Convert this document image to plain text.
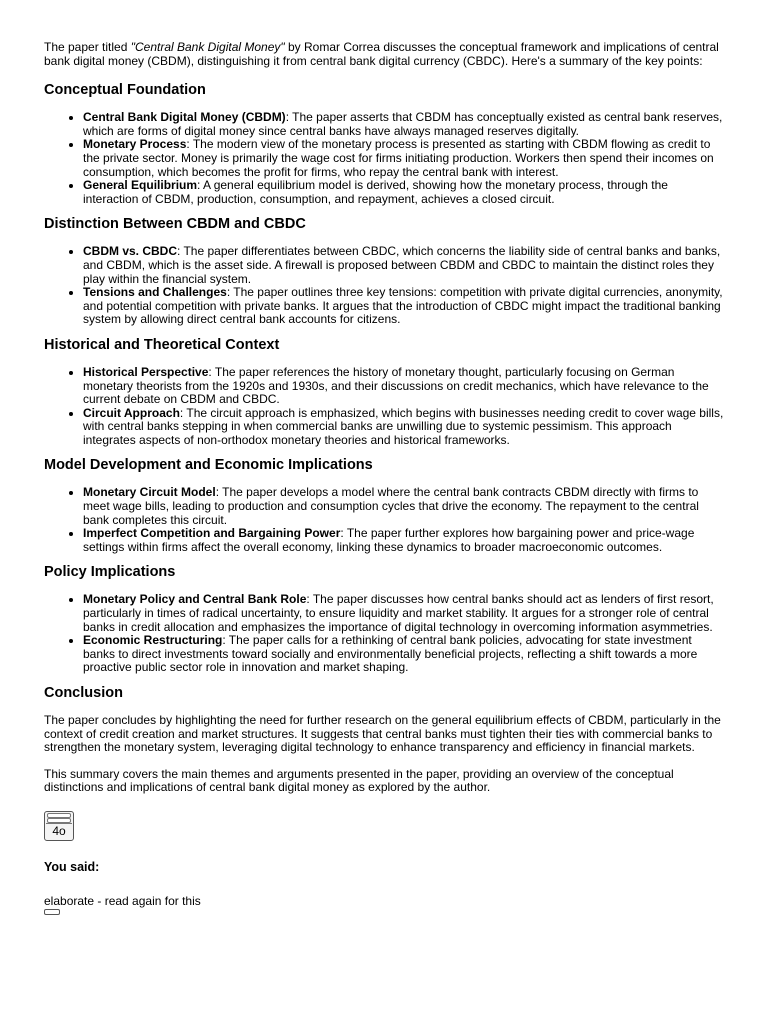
The paper titled "Central Bank Digital Money" by Romar Correa discusses the conceptual framework and implications of central bank digital money (CBDM), distinguishing it from central bank digital currency (CBDC). Here's a summary of the key points:

Conceptual Foundation
• Central Bank Digital Money (CBDM): The paper asserts that CBDM has conceptually existed as central bank reserves, which are forms of digital money since central banks have always managed reserves digitally.
• Monetary Process: The modern view of the monetary process is presented as starting with CBDM flowing as credit to the private sector. Money is primarily the wage cost for firms initiating production. Workers then spend their incomes on consumption, which becomes the profit for firms, who repay the central bank with interest.
• General Equilibrium: A general equilibrium model is derived, showing how the monetary process, through the interaction of CBDM, production, consumption, and repayment, achieves a closed circuit.
Distinction Between CBDM and CBDC
• CBDM vs. CBDC: The paper differentiates between CBDC, which concerns the liability side of central banks and banks, and CBDM, which is the asset side. A firewall is proposed between CBDM and CBDC to maintain the distinct roles they play within the financial system.
• Tensions and Challenges: The paper outlines three key tensions: competition with private digital currencies, anonymity, and potential competition with private banks. It argues that the introduction of CBDC might impact the traditional banking system by allowing direct central bank accounts for citizens.
Historical and Theoretical Context
• Historical Perspective: The paper references the history of monetary thought, particularly focusing on German monetary theorists from the 1920s and 1930s, and their discussions on credit mechanics, which have relevance to the current debate on CBDM and CBDC.
• Circuit Approach: The circuit approach is emphasized, which begins with businesses needing credit to cover wage bills, with central banks stepping in when commercial banks are unwilling due to systemic pessimism. This approach integrates aspects of non-orthodox monetary theories and historical frameworks.
Model Development and Economic Implications
• Monetary Circuit Model: The paper develops a model where the central bank contracts CBDM directly with firms to meet wage bills, leading to production and consumption cycles that drive the economy. The repayment to the central bank completes this circuit.
• Imperfect Competition and Bargaining Power: The paper further explores how bargaining power and price-wage settings within firms affect the overall economy, linking these dynamics to broader macroeconomic outcomes.
Policy Implications
• Monetary Policy and Central Bank Role: The paper discusses how central banks should act as lenders of first resort, particularly in times of radical uncertainty, to ensure liquidity and market stability. It argues for a stronger role of central banks in credit allocation and emphasizes the importance of digital technology in overcoming information asymmetries.
• Economic Restructuring: The paper calls for a rethinking of central bank policies, advocating for state investment banks to direct investments toward socially and environmentally beneficial projects, reflecting a shift towards a more proactive public sector role in innovation and market shaping.
Conclusion

The paper concludes by highlighting the need for further research on the general equilibrium effects of CBDM, particularly in the context of credit creation and market structures. It suggests that central banks must tighten their ties with commercial banks to strengthen the monetary system, leveraging digital technology to enhance transparency and efficiency in financial markets.

This summary covers the main themes and arguments presented in the paper, providing an overview of the conceptual distinctions and implications of central bank digital money as explored by the author.

4o
You said:
elaborate - read again for this
